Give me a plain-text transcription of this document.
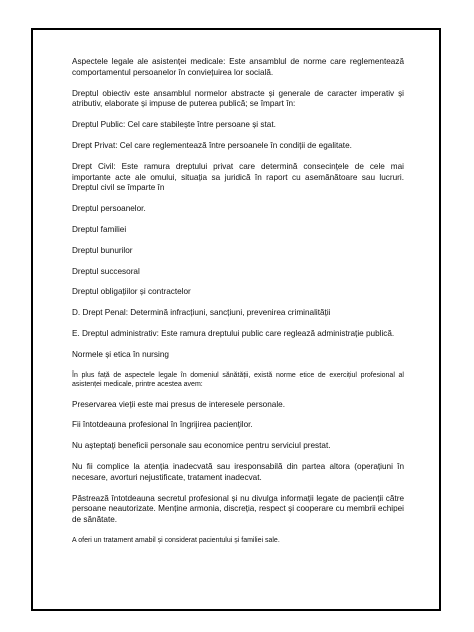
Aspectele legale ale asistenței medicale: Este ansamblul de norme care reglementează comportamentul persoanelor în conviețuirea lor socială.

Dreptul obiectiv este ansamblul normelor abstracte și generale de caracter imperativ și atributiv, elaborate și impuse de puterea publică; se împart în:

Dreptul Public: Cel care stabilește între persoane și stat.

Drept Privat: Cel care reglementează între persoanele în condiții de egalitate.

Drept Civil: Este ramura dreptului privat care determină consecințele de cele mai importante acte ale omului, situația sa juridică în raport cu asemănătoare sau lucruri. Dreptul civil se împarte în

Dreptul persoanelor.

Dreptul familiei

Dreptul bunurilor

Dreptul succesoral

Dreptul obligațiilor și contractelor

D. Drept Penal: Determină infracțiuni, sancțiuni, prevenirea criminalității

E. Dreptul administrativ: Este ramura dreptului public care reglează administrație publică.

Normele și etica în nursing

În plus față de aspectele legale în domeniul sănătății, există norme etice de exercițiul profesional al asistenței medicale, printre acestea avem:

Preservarea vieții este mai presus de interesele personale.

Fii întotdeauna profesional în îngrijirea pacienților.

Nu așteptați beneficii personale sau economice pentru serviciul prestat.

Nu fii complice la atenția inadecvată sau iresponsabilă din partea altora (operațiuni în necesare, avorturi nejustificate, tratament inadecvat.

Păstrează întotdeauna secretul profesional și nu divulga informații legate de pacienții către persoane neautorizate. Menține armonia, discreția, respect și cooperare cu membrii echipei de sănătate.

A oferi un tratament amabil și considerat pacientului și familiei sale.
